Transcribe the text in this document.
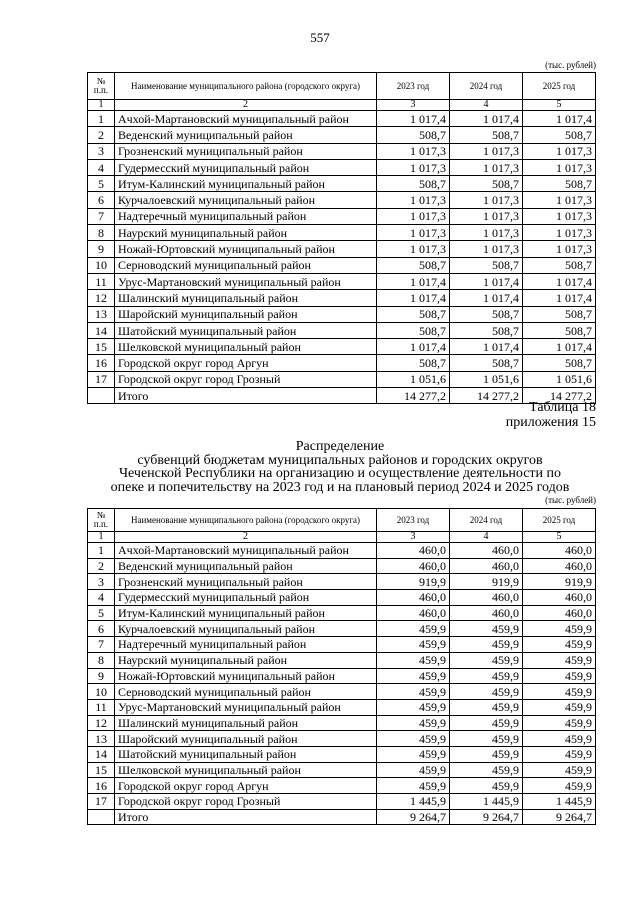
557
(тыс. рублей)
№
п.п.	Наименование муниципального района (городского округа)	2023 год	2024 год	2025 год
1	2	3	4	5
1	Ачхой-Мартановский муниципальный район	1 017,4	1 017,4	1 017,4
2	Веденский муниципальный район	508,7	508,7	508,7
3	Грозненский муниципальный район	1 017,3	1 017,3	1 017,3
4	Гудермесский муниципальный район	1 017,3	1 017,3	1 017,3
5	Итум-Калинский муниципальный район	508,7	508,7	508,7
6	Курчалоевский муниципальный район	1 017,3	1 017,3	1 017,3
7	Надтеречный муниципальный район	1 017,3	1 017,3	1 017,3
8	Наурский муниципальный район	1 017,3	1 017,3	1 017,3
9	Ножай-Юртовский муниципальный район	1 017,3	1 017,3	1 017,3
10	Серноводский муниципальный район	508,7	508,7	508,7
11	Урус-Мартановский муниципальный район	1 017,4	1 017,4	1 017,4
12	Шалинский муниципальный район	1 017,4	1 017,4	1 017,4
13	Шаройский муниципальный район	508,7	508,7	508,7
14	Шатойский муниципальный район	508,7	508,7	508,7
15	Шелковской муниципальный район	1 017,4	1 017,4	1 017,4
16	Городской округ город Аргун	508,7	508,7	508,7
17	Городской округ город Грозный	1 051,6	1 051,6	1 051,6
	Итого	14 277,2	14 277,2	14 277,2
Таблица 18
приложения 15
Распределение
субвенций бюджетам муниципальных районов и городских округов
Чеченской Республики на организацию и осуществление деятельности по
опеке и попечительству на 2023 год и на плановый период 2024 и 2025 годов
(тыс. рублей)
№
п.п.	Наименование муниципального района (городского округа)	2023 год	2024 год	2025 год
1	2	3	4	5
1	Ачхой-Мартановский муниципальный район	460,0	460,0	460,0
2	Веденский муниципальный район	460,0	460,0	460,0
3	Грозненский муниципальный район	919,9	919,9	919,9
4	Гудермесский муниципальный район	460,0	460,0	460,0
5	Итум-Калинский муниципальный район	460,0	460,0	460,0
6	Курчалоевский муниципальный район	459,9	459,9	459,9
7	Надтеречный муниципальный район	459,9	459,9	459,9
8	Наурский муниципальный район	459,9	459,9	459,9
9	Ножай-Юртовский муниципальный район	459,9	459,9	459,9
10	Серноводский муниципальный район	459,9	459,9	459,9
11	Урус-Мартановский муниципальный район	459,9	459,9	459,9
12	Шалинский муниципальный район	459,9	459,9	459,9
13	Шаройский муниципальный район	459,9	459,9	459,9
14	Шатойский муниципальный район	459,9	459,9	459,9
15	Шелковской муниципальный район	459,9	459,9	459,9
16	Городской округ город Аргун	459,9	459,9	459,9
17	Городской округ город Грозный	1 445,9	1 445,9	1 445,9
	Итого	9 264,7	9 264,7	9 264,7
